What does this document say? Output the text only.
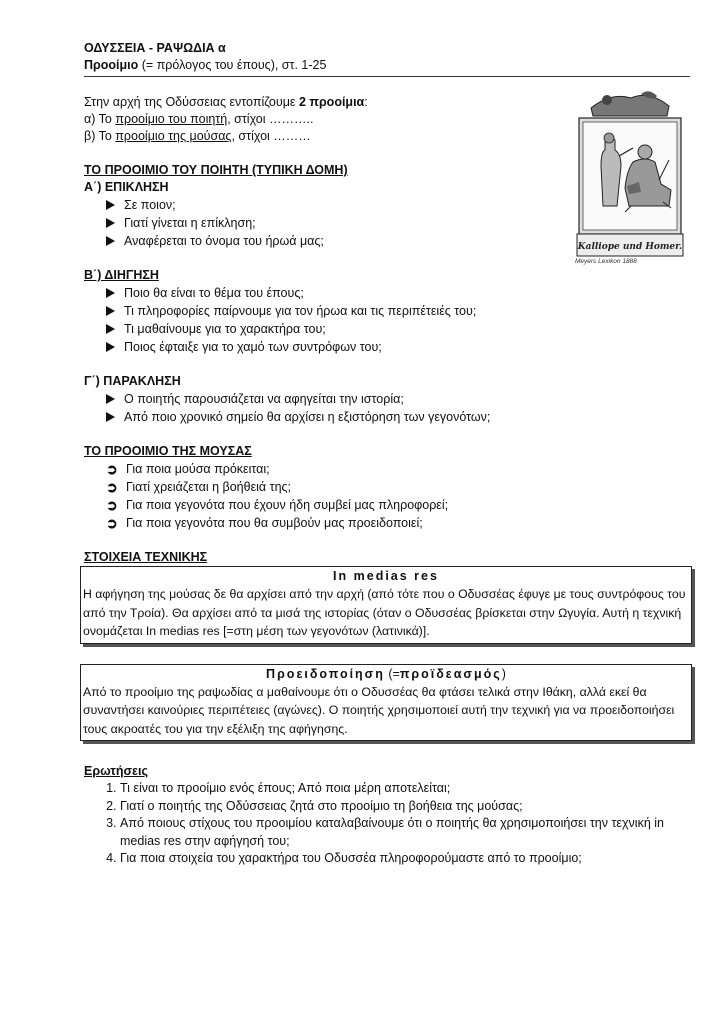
ΟΔΥΣΣΕΙΑ - ΡΑΨΩΔΙΑ α
Προοίμιο (= πρόλογος του έπους), στ. 1-25
Στην αρχή της Οδύσσειας εντοπίζουμε 2 προοίμια:
α) Το προοίμιο του ποιητή, στίχοι ………..
β) Το προοίμιο της μούσας, στίχοι ………
ΤΟ ΠΡΟΟΙΜΙΟ ΤΟΥ ΠΟΙΗΤΗ (ΤΥΠΙΚΗ ΔΟΜΗ)
Α΄) ΕΠΙΚΛΗΣΗ
Σε ποιον;
Γιατί γίνεται η επίκληση;
Αναφέρεται το όνομα του ήρωά μας;
Β΄) ΔΙΗΓΗΣΗ
Ποιο θα είναι το θέμα του έπους;
Τι πληροφορίες παίρνουμε για τον ήρωα και τις περιπέτειές του;
Τι μαθαίνουμε για το χαρακτήρα του;
Ποιος έφταιξε για το χαμό των συντρόφων του;
Γ΄) ΠΑΡΑΚΛΗΣΗ
Ο ποιητής παρουσιάζεται να αφηγείται την ιστορία;
Από ποιο χρονικό σημείο θα αρχίσει η εξιστόρηση των γεγονότων;
ΤΟ ΠΡΟΟΙΜΙΟ ΤΗΣ ΜΟΥΣΑΣ
➲ Για ποια μούσα πρόκειται;
➲ Γιατί χρειάζεται η βοήθειά της;
➲ Για ποια γεγονότα που έχουν ήδη συμβεί μας πληροφορεί;
➲ Για ποια γεγονότα που θα συμβούν μας προειδοποιεί;
ΣΤΟΙΧΕΙΑ ΤΕΧΝΙΚΗΣ
In medias res
Η αφήγηση της μούσας δε θα αρχίσει από την αρχή (από τότε που ο Οδυσσέας έφυγε με τους συντρόφους του από την Τροία). Θα αρχίσει από τα μισά της ιστορίας (όταν ο Οδυσσέας βρίσκεται στην Ωγυγία. Αυτή η τεχνική ονομάζεται In medias res [=στη μέση των γεγονότων (λατινικά)].
Προειδοποίηση (=προϊδεασμός)
Από το προοίμιο της ραψωδίας α μαθαίνουμε ότι ο Οδυσσέας θα φτάσει τελικά στην Ιθάκη, αλλά εκεί θα συναντήσει καινούριες περιπέτειες (αγώνες). Ο ποιητής χρησιμοποιεί αυτή την τεχνική για να προειδοποιήσει τους ακροατές του για την εξέλιξη της αφήγησης.
Ερωτήσεις
1. Τι είναι το προοίμιο ενός έπους; Από ποια μέρη αποτελείται;
2. Γιατί ο ποιητής της Οδύσσειας ζητά στο προοίμιο τη βοήθεια της μούσας;
3. Από ποιους στίχους του προοιμίου καταλαβαίνουμε ότι ο ποιητής θα χρησιμοποιήσει την τεχνική in medias res στην αφήγησή του;
4. Για ποια στοιχεία του χαρακτήρα του Οδυσσέα πληροφορούμαστε από το προοίμιο;
Kalliope und Homer.
Meyers Lexikon 1888
